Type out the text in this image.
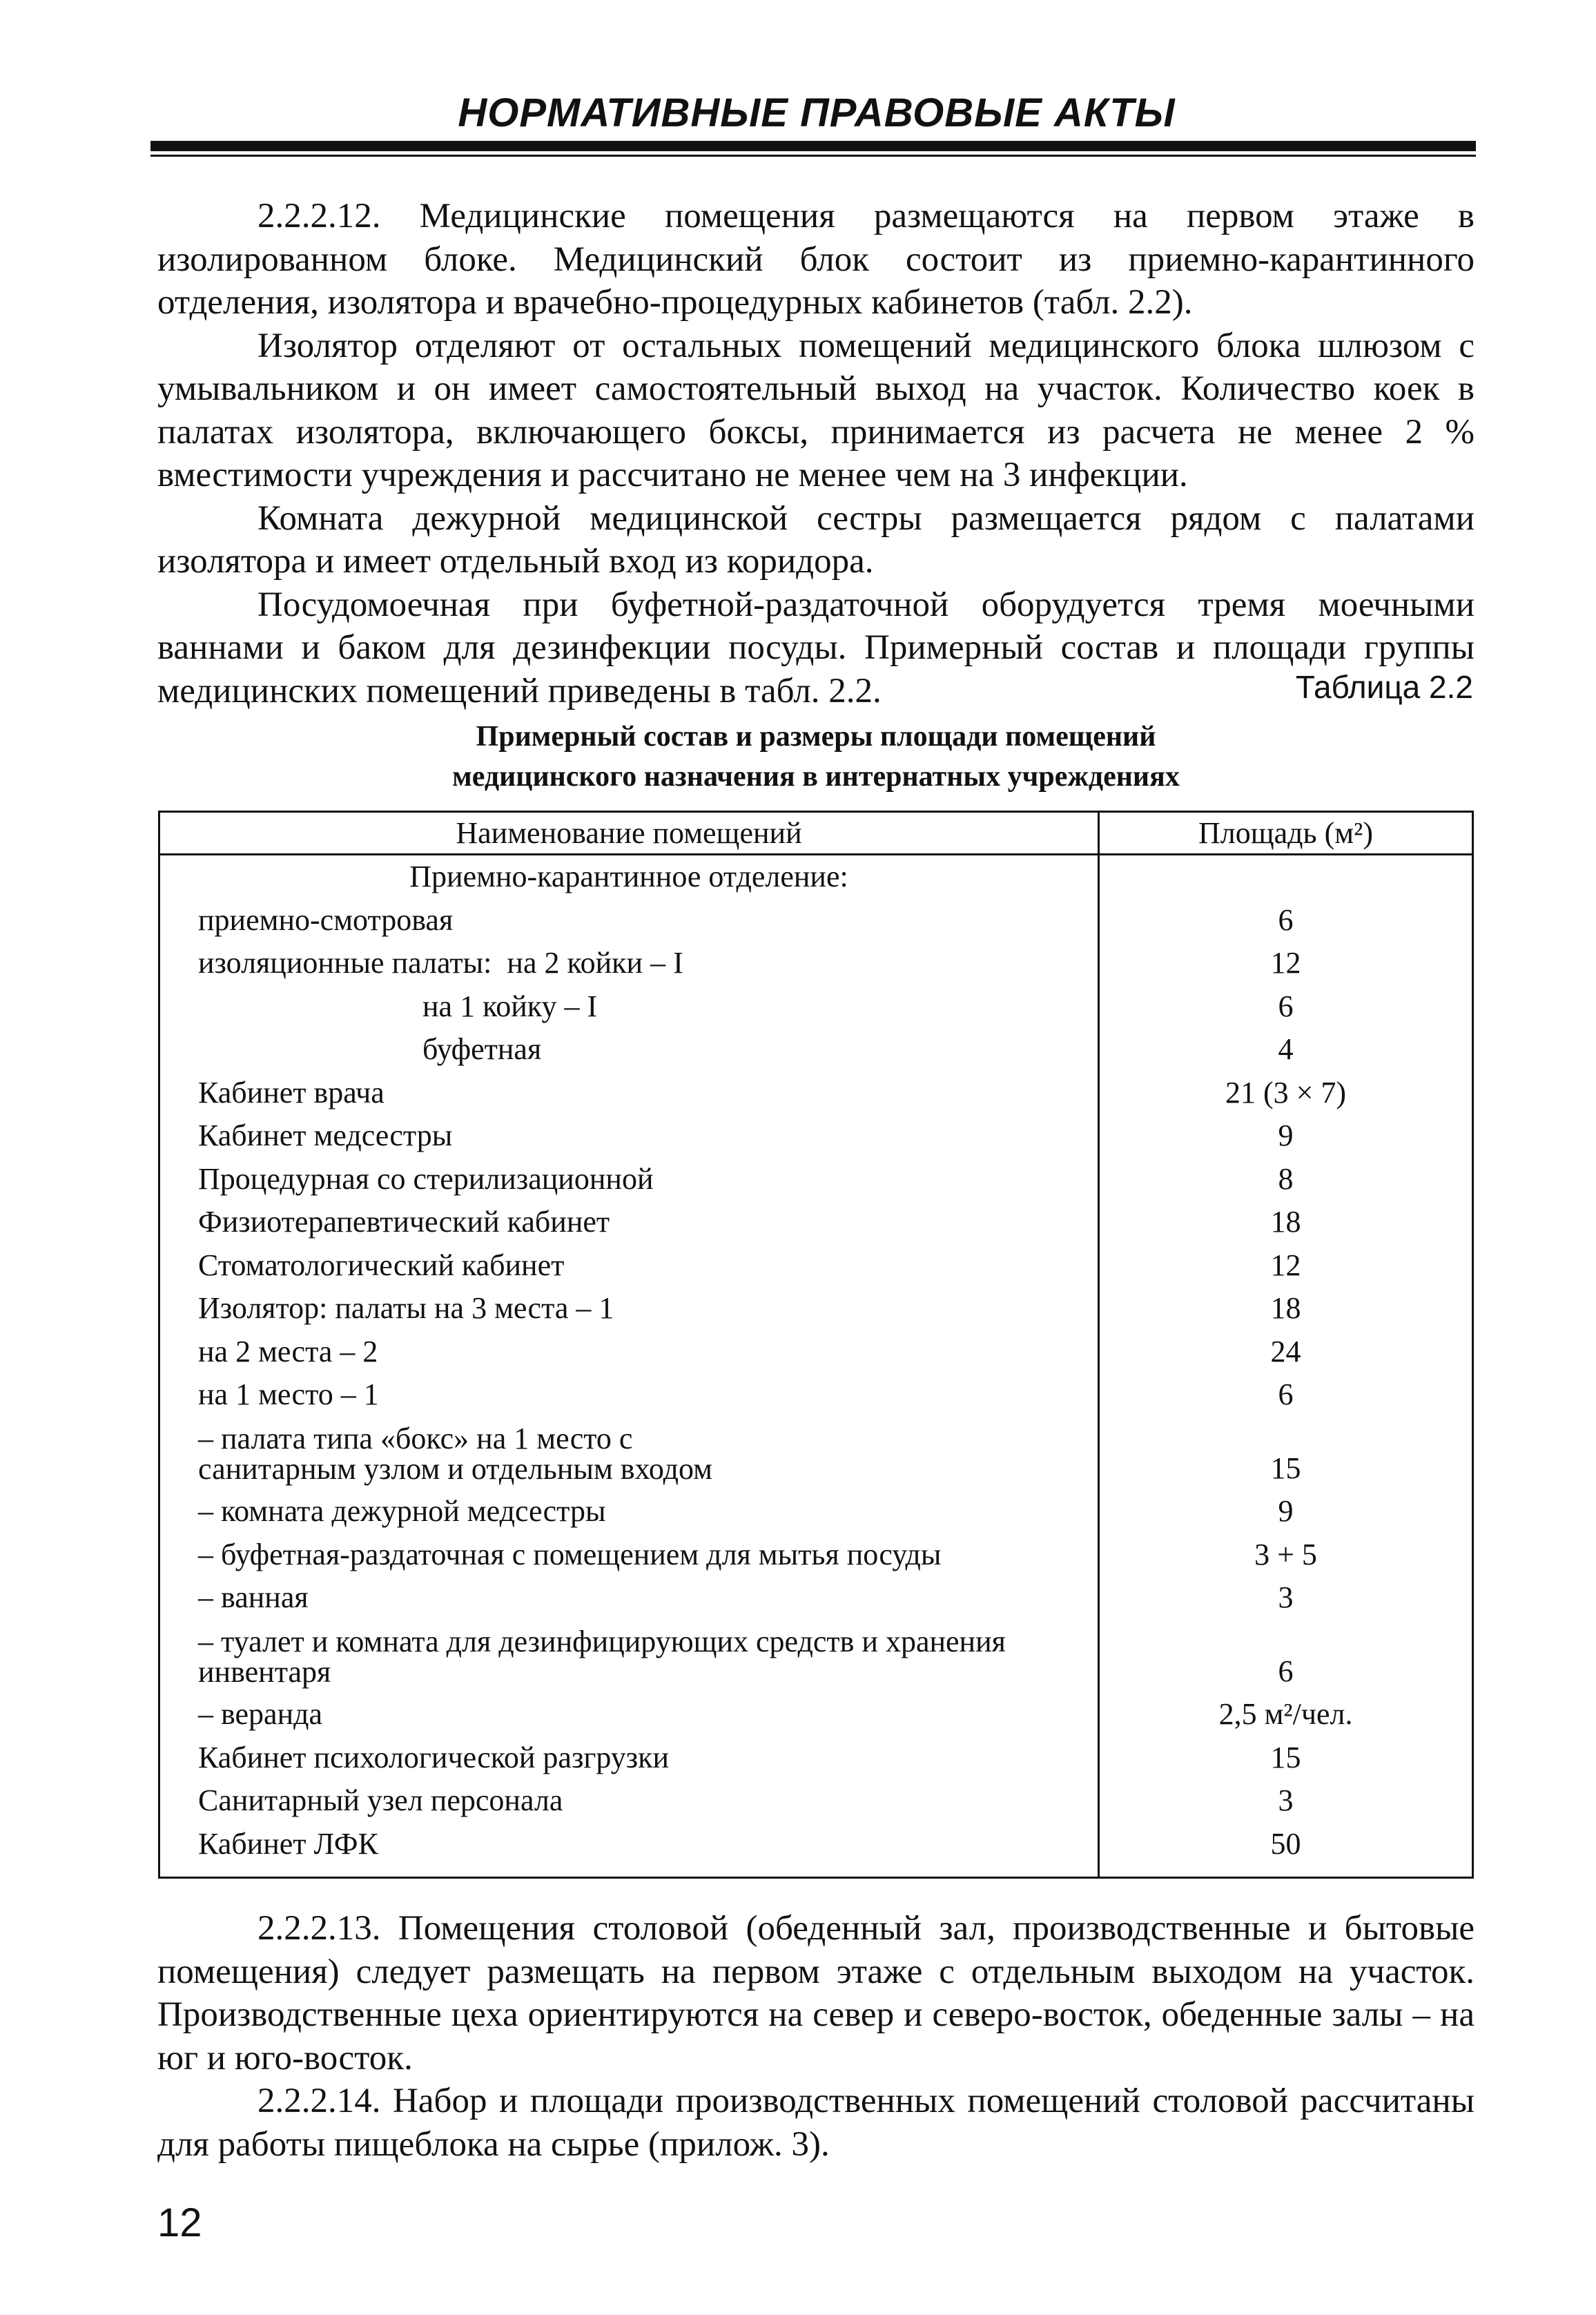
НОРМАТИВНЫЕ ПРАВОВЫЕ АКТЫ

2.2.2.12. Медицинские помещения размещаются на первом этаже в изолированном блоке. Медицинский блок состоит из приемно-карантинного отделения, изолятора и врачебно-процедурных кабинетов (табл. 2.2).

Изолятор отделяют от остальных помещений медицинского блока шлюзом с умывальником и он имеет самостоятельный выход на участок. Количество коек в палатах изолятора, включающего боксы, принимается из расчета не менее 2 % вместимости учреждения и рассчитано не менее чем на 3 инфекции.

Комната дежурной медицинской сестры размещается рядом с палатами изолятора и имеет отдельный вход из коридора.

Посудомоечная при буфетной-раздаточной оборудуется тремя моечными ваннами и баком для дезинфекции посуды. Примерный состав и площади группы медицинских помещений приведены в табл. 2.2.	Таблица 2.2
Примерный состав и размеры площади помещений
медицинского назначения в интернатных учреждениях
Наименование помещений	Площадь (м²)
Приемно-карантинное отделение:
приемно-смотровая	6
изоляционные палаты:  на 2 койки – I	12
на 1 койку – I	6
буфетная	4
Кабинет врача	21 (3 × 7)
Кабинет медсестры	9
Процедурная со стерилизационной	8
Физиотерапевтический кабинет	18
Стоматологический кабинет	12
Изолятор: палаты на 3 места – 1	18
на 2 места – 2	24
на 1 место – 1	6
– палата типа «бокс» на 1 место с санитарным узлом и отдельным входом	15
– комната дежурной медсестры	9
– буфетная-раздаточная с помещением для мытья посуды	3 + 5
– ванная	3
– туалет и комната для дезинфицирующих средств и хранения инвентаря	6
– веранда	2,5 м²/чел.
Кабинет психологической разгрузки	15
Санитарный узел персонала	3
Кабинет ЛФК	50

2.2.2.13. Помещения столовой (обеденный зал, производственные и бытовые помещения) следует размещать на первом этаже с отдельным выходом на участок. Производственные цеха ориентируются на север и северо-восток, обеденные залы – на юг и юго-восток.

2.2.2.14. Набор и площади производственных помещений столовой рассчитаны для работы пищеблока на сырье (прилож. 3).

12
